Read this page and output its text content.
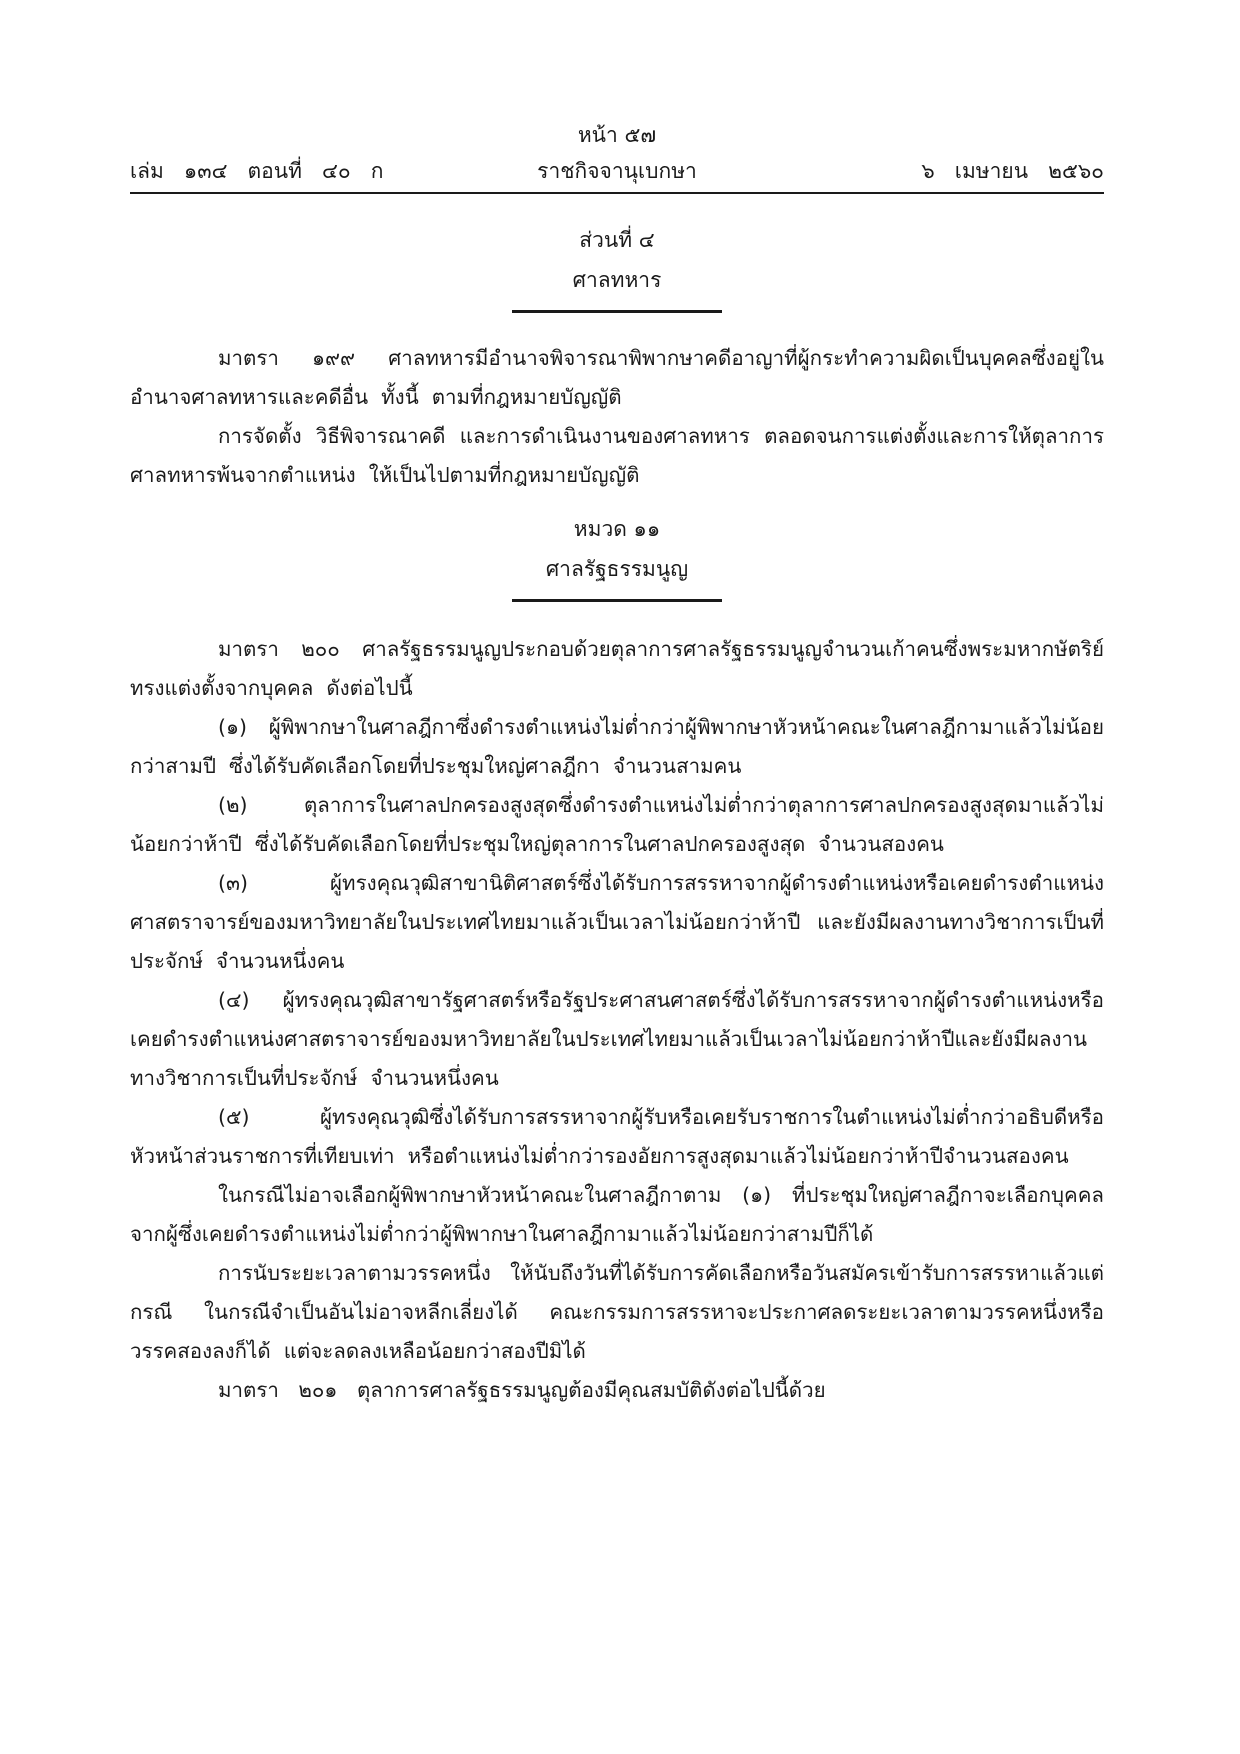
หน้า ๕๗
ราชกิจจานุเบกษา
เล่ม   ๑๓๔   ตอนที่   ๔๐   ก	๖   เมษายน   ๒๕๖๐
ส่วนที่ ๔
ศาลทหาร

มาตรา   ๑๙๙   ศาลทหารมีอำนาจพิจารณาพิพากษาคดีอาญาที่ผู้กระทำความผิดเป็นบุคคลซึ่งอยู่ในอำนาจศาลทหารและคดีอื่น  ทั้งนี้  ตามที่กฎหมายบัญญัติ

การจัดตั้ง  วิธีพิจารณาคดี  และการดำเนินงานของศาลทหาร  ตลอดจนการแต่งตั้งและการให้ตุลาการศาลทหารพ้นจากตำแหน่ง  ให้เป็นไปตามที่กฎหมายบัญญัติ

หมวด ๑๑
ศาลรัฐธรรมนูญ

มาตรา   ๒๐๐   ศาลรัฐธรรมนูญประกอบด้วยตุลาการศาลรัฐธรรมนูญจำนวนเก้าคนซึ่งพระมหากษัตริย์ทรงแต่งตั้งจากบุคคล  ดังต่อไปนี้

(๑)   ผู้พิพากษาในศาลฎีกาซึ่งดำรงตำแหน่งไม่ต่ำกว่าผู้พิพากษาหัวหน้าคณะในศาลฎีกามาแล้วไม่น้อยกว่าสามปี  ซึ่งได้รับคัดเลือกโดยที่ประชุมใหญ่ศาลฎีกา  จำนวนสามคน

(๒)   ตุลาการในศาลปกครองสูงสุดซึ่งดำรงตำแหน่งไม่ต่ำกว่าตุลาการศาลปกครองสูงสุดมาแล้วไม่น้อยกว่าห้าปี  ซึ่งได้รับคัดเลือกโดยที่ประชุมใหญ่ตุลาการในศาลปกครองสูงสุด  จำนวนสองคน

(๓)   ผู้ทรงคุณวุฒิสาขานิติศาสตร์ซึ่งได้รับการสรรหาจากผู้ดำรงตำแหน่งหรือเคยดำรงตำแหน่งศาสตราจารย์ของมหาวิทยาลัยในประเทศไทยมาแล้วเป็นเวลาไม่น้อยกว่าห้าปี  และยังมีผลงานทางวิชาการเป็นที่ประจักษ์  จำนวนหนึ่งคน

(๔)   ผู้ทรงคุณวุฒิสาขารัฐศาสตร์หรือรัฐประศาสนศาสตร์ซึ่งได้รับการสรรหาจากผู้ดำรงตำแหน่งหรือเคยดำรงตำแหน่งศาสตราจารย์ของมหาวิทยาลัยในประเทศไทยมาแล้วเป็นเวลาไม่น้อยกว่าห้าปีและยังมีผลงานทางวิชาการเป็นที่ประจักษ์  จำนวนหนึ่งคน

(๕)   ผู้ทรงคุณวุฒิซึ่งได้รับการสรรหาจากผู้รับหรือเคยรับราชการในตำแหน่งไม่ต่ำกว่าอธิบดีหรือหัวหน้าส่วนราชการที่เทียบเท่า  หรือตำแหน่งไม่ต่ำกว่ารองอัยการสูงสุดมาแล้วไม่น้อยกว่าห้าปีจำนวนสองคน

ในกรณีไม่อาจเลือกผู้พิพากษาหัวหน้าคณะในศาลฎีกาตาม (๑) ที่ประชุมใหญ่ศาลฎีกาจะเลือกบุคคลจากผู้ซึ่งเคยดำรงตำแหน่งไม่ต่ำกว่าผู้พิพากษาในศาลฎีกามาแล้วไม่น้อยกว่าสามปีก็ได้

การนับระยะเวลาตามวรรคหนึ่ง  ให้นับถึงวันที่ได้รับการคัดเลือกหรือวันสมัครเข้ารับการสรรหาแล้วแต่กรณี  ในกรณีจำเป็นอันไม่อาจหลีกเลี่ยงได้  คณะกรรมการสรรหาจะประกาศลดระยะเวลาตามวรรคหนึ่งหรือวรรคสองลงก็ได้  แต่จะลดลงเหลือน้อยกว่าสองปีมิได้

มาตรา   ๒๐๑   ตุลาการศาลรัฐธรรมนูญต้องมีคุณสมบัติดังต่อไปนี้ด้วย
